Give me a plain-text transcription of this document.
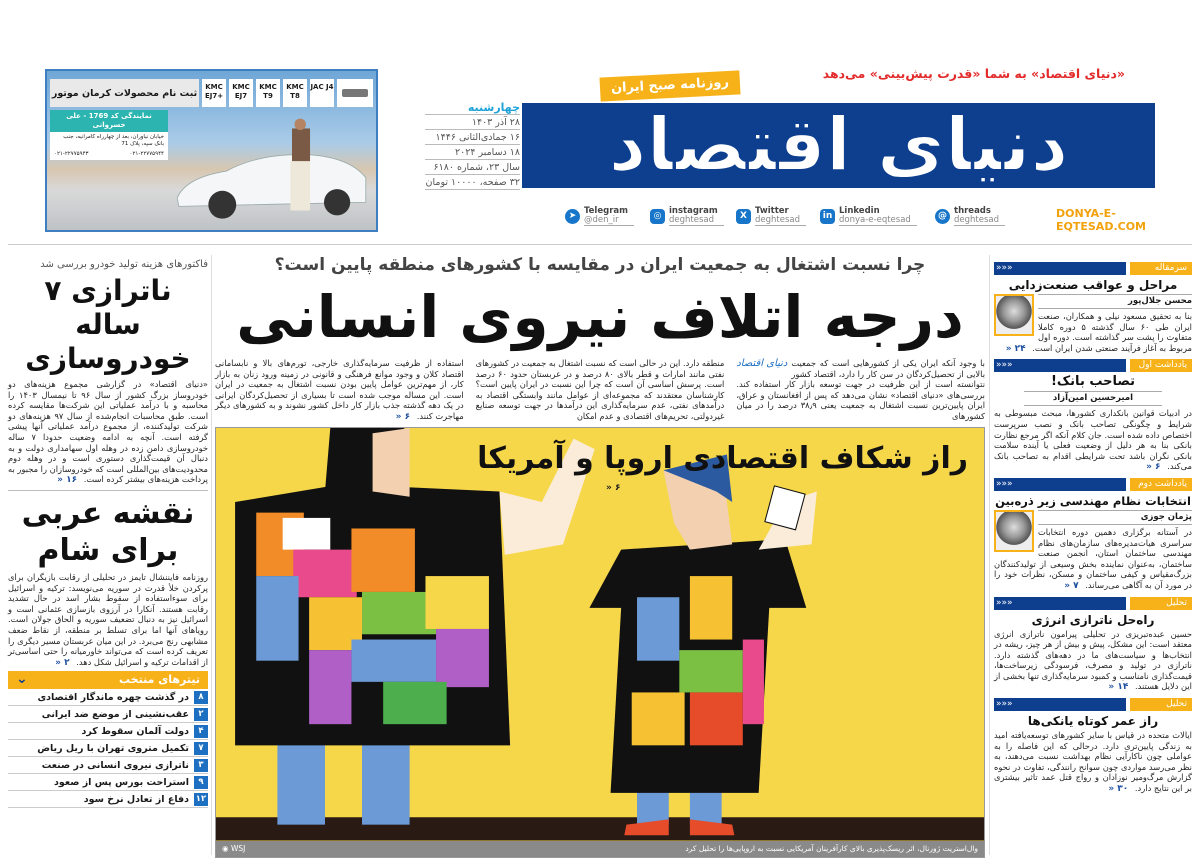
ثبت نام محصولات کرمان موتور
KMC EJ7+
KMC EJ7
KMC T9
KMC T8
JAC J4
نمایندگی کد 1769 - علی خسروانی
خیابان نیاوران، بعد از چهارراه کامرانیه، جنب بانک سپه، پلاک 71
۰۲۱-۲۲۷۷۵۹۴۳	۰۲۱-۲۲۷۷۵۹۴۴	دنیای اقتصاد
«دنیای اقتصاد» به شما «قدرت پیش‌بینی» می‌دهد
روزنامه صبح ایران
چهارشنبه
۲۸ آذر ۱۴۰۳
۱۶ جمادی‌الثانی ۱۴۴۶
۱۸ دسامبر ۲۰۲۴
سال ۲۳، شماره ۶۱۸۰
۳۲ صفحه، ۱۰۰۰۰ تومان
➤ Telegram
@den_ir	◎ instagram
deghtesad	X Twitter
deghtesad	in Linkedin
donya-e-eqtesad	@ threads
deghtesad	DONYA-E-EQTESAD.COM
فاکتورهای هزینه تولید خودرو بررسی شد
ناترازی ۷ ساله خودروسازی
«دنیای اقتصاد» در گزارشی مجموع هزینه‌های دو خودروساز بزرگ کشور از سال ۹۶ تا نیمسال ۱۴۰۳ را محاسبه و با درآمد عملیاتی این شرکت‌ها مقایسه کرده است. طبق محاسبات انجام‌شده از سال ۹۷ هزینه‌های دو شرکت تولیدکننده، از مجموع درآمد عملیاتی آنها پیشی گرفته است. آنچه به ادامه وضعیت حدودا ۷ ساله خودروسازی دامن زده در وهله اول سهامداری دولت و به دنبال آن قیمت‌گذاری دستوری است و در وهله دوم محدودیت‌های بین‌المللی است که خودروسازان را مجبور به پرداخت هزینه‌های بیشتر کرده است. ۱۶ «
نقشه عربی برای شام
روزنامه فایننشال تایمز در تحلیلی از رقابت بازیگران برای پرکردن خلأ قدرت در سوریه می‌نویسد: ترکیه و اسرائیل برای سوءاستفاده از سقوط بشار اسد در حال تشدید رقابت هستند. آنکارا در آرزوی بازسازی عثمانی است و اسرائیل نیز به دنبال تضعیف سوریه و الحاق جولان است. رویاهای آنها اما برای تسلط بر منطقه، از نقاط ضعف مشابهی رنج می‌برد. در این میان عربستان مسیر دیگری را تعریف کرده است که می‌تواند خاورمیانه را حتی اساسی‌تر از اقدامات ترکیه و اسرائیل شکل دهد. ۲ «
تیترهای منتخب
⌄
۸
در گذشت چهره ماندگار اقتصادی
۲
عقب‌نشینی از موضع ضد ایرانی
۴
دولت آلمان سقوط کرد
۷
تکمیل متروی تهران با ریل ریاض
۳
ناترازی نیروی انسانی در صنعت
۹
استراحت بورس پس از صعود
۱۲
دفاع از تعادل نرخ سود
چرا نسبت اشتغال به جمعیت ایران در مقایسه با کشورهای منطقه پایین است؟
درجه اتلاف نیروی انسانی
دنیای اقتصاد با وجود آنکه ایران یکی از کشورهایی است که جمعیت بالایی از تحصیل‌کردگان در سن کار را دارد، اقتصاد کشور نتوانسته است از این ظرفیت در جهت توسعه بازار کار استفاده کند. بررسی‌های «دنیای اقتصاد» نشان می‌دهد که پس از افغانستان و عراق، ایران پایین‌ترین نسبت اشتغال به جمعیت یعنی ۳۸٫۹ درصد را در میان کشورهای
منطقه دارد. این در حالی است که نسبت اشتغال به جمعیت در کشورهای نفتی مانند امارات و قطر بالای ۸۰ درصد و در عربستان حدود ۶۰ درصد است. پرسش اساسی آن است که چرا این نسبت در ایران پایین است؟ کارشناسان معتقدند که مجموعه‌ای از عوامل مانند وابستگی اقتصاد به درآمدهای نفتی، عدم سرمایه‌گذاری این درآمدها در جهت توسعه صنایع غیردولتی، تحریم‌های اقتصادی و عدم امکان
استفاده از ظرفیت سرمایه‌گذاری خارجی، تورم‌های بالا و نابسامانی اقتصاد کلان و وجود موانع فرهنگی و قانونی در زمینه ورود زنان به بازار کار، از مهم‌ترین عوامل پایین بودن نسبت اشتغال به جمعیت در ایران است. این مساله موجب شده است تا بسیاری از تحصیل‌کردگان ایرانی در یک دهه گذشته جذب بازار کار داخل کشور نشوند و به کشورهای دیگر مهاجرت کنند. ۶ «
راز شکاف اقتصادی اروپا و آمریکا
۶ «
◉ WSJ	وال‌استریت ژورنال، اثر ریسک‌پذیری بالای کارآفرینان آمریکایی نسبت به اروپایی‌ها را تحلیل کرد
سرمقاله
«««
مراحل و عواقب صنعت‌زدایی
محسن جلال‌پور
بنا به تحقیق مسعود نیلی و همکاران، صنعت ایران طی ۶۰ سال گذشته ۵ دوره کاملا متفاوت را پشت سر گذاشته است. دوره اول مربوط به آغاز فرآیند صنعتی شدن ایران است. ۲۴ «
یادداشت اول
«««
تصاحب بانک!
امیرحسین امین‌آزاد
در ادبیات قوانین بانکداری کشورها، مبحث مبسوطی به شرایط و چگونگی تصاحب بانک و نصب سرپرست اختصاص داده شده است. جان کلام آنکه اگر مرجع نظارت بانکی بنا به هر دلیل از وضعیت فعلی یا آینده سلامت بانکی نگران باشد تحت شرایطی اقدام به تصاحب بانک می‌کند. ۶ «
یادداشت دوم
«««
انتخابات نظام مهندسی زیر ذره‌بین
پژمان جوزی
در آستانه برگزاری دهمین دوره انتخابات سراسری هیات‌مدیره‌های سازمان‌های نظام مهندسی ساختمان استان، انجمن صنعت ساختمان، به‌عنوان نماینده بخش وسیعی از تولیدکنندگان بزرگ‌مقیاس و کیفی ساختمان و مسکن، نظرات خود را در مورد آن به آگاهی می‌رساند. ۷ «
تحلیل
«««
راه‌حل ناترازی انرژی
حسین عبده‌تبریزی در تحلیلی پیرامون ناترازی انرژی معتقد است: این مشکل، پیش و بیش از هر چیز، ریشه در انتخاب‌ها و سیاست‌های ما در دهه‌های گذشته دارد. ناترازی در تولید و مصرف، فرسودگی زیرساخت‌ها، قیمت‌گذاری نامناسب و کمبود سرمایه‌گذاری تنها بخشی از این دلایل هستند. ۱۴ «
تحلیل
«««
راز عمر کوتاه یانکی‌ها
ایالات متحده در قیاس با سایر کشورهای توسعه‌یافته امید به زندگی پایین‌تری دارد. درحالی که این فاصله را به عواملی چون ناکارآیی نظام بهداشت نسبت می‌دهند، به نظر می‌رسد مواردی چون سوانح رانندگی، تفاوت در نحوه گزارش مرگ‌ومیر نوزادان و رواج قتل عمد تاثیر بیشتری بر این نتایج دارد. ۳۰ «
